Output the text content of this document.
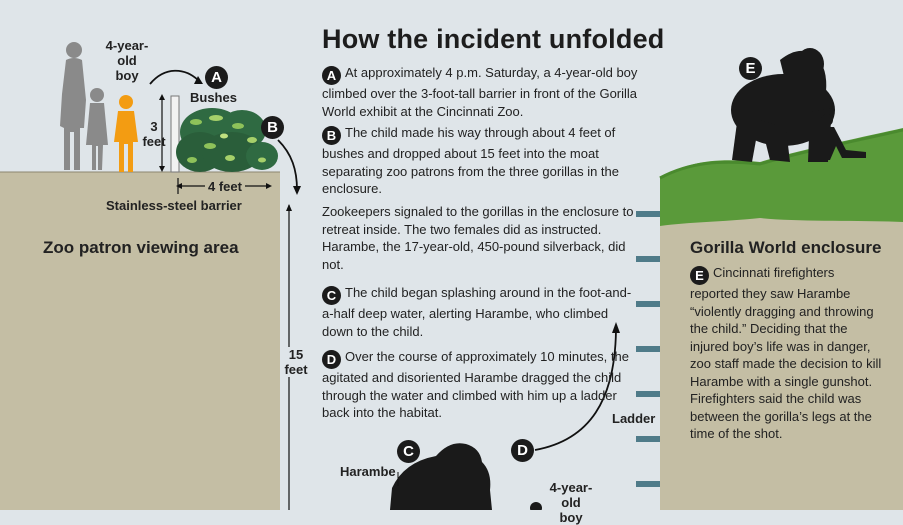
How the incident unfolded
A At approximately 4 p.m. Saturday, a 4-year-old boy climbed over the 3-foot-tall barrier in front of the Gorilla World exhibit at the Cincinnati Zoo.
B The child made his way through about 4 feet of bushes and dropped about 15 feet into the moat separating zoo patrons from the three gorillas in the enclosure.
Zookeepers signaled to the gorillas in the enclosure to retreat inside. The two females did as instructed. Harambe, the 17-year-old, 450-pound silverback, did not.
C The child began splashing around in the foot-and-a-half deep water, alerting Harambe, who climbed down to the child.
D Over the course of approximately 10 minutes, the agitated and disoriented Harambe dragged the child through the water and climbed with him up a ladder back into the habitat.
Gorilla World enclosure
E Cincinnati firefighters reported they saw Harambe “violently dragging and throwing the child.” Deciding that the injured boy’s life was in danger, zoo staff made the decision to kill Harambe with a single gunshot. Firefighters said the child was between the gorilla’s legs at the time of the shot.
Zoo patron viewing area
4-year-old boy
Bushes
3 feet
4 feet
Stainless-steel barrier
15 feet
Ladder
Harambe
4-year-old boy
A
B
C	D
E
